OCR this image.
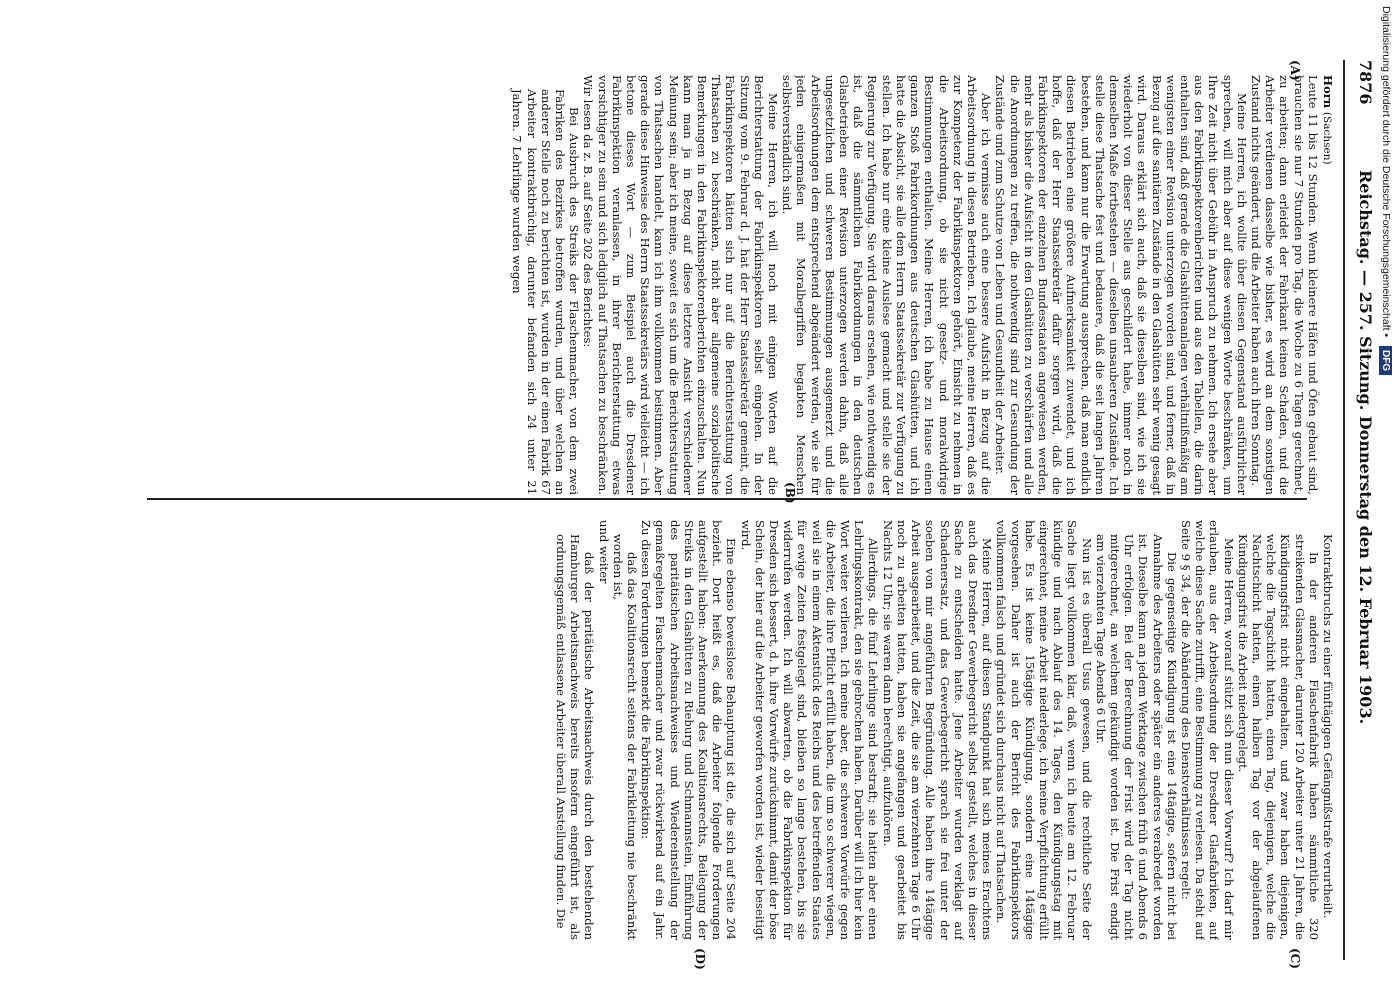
7876
Reichstag. — 257. Sitzung. Donnerstag den 12. Februar 1903.
(A)
(B)
(C)
(D)

Horn (Sachsen)

Leute 11 bis 12 Stunden. Wenn kleinere Häfen und Öfen gebaut sind, brauchen sie nur 7 Stunden pro Tag, die Woche zu 6 Tagen gerechnet, zu arbeiten; dann erleidet der Fabrikant keinen Schaden, und die Arbeiter verdienen dasselbe wie bisher, es wird an dem sonstigen Zustand nichts geändert, und die Arbeiter haben auch ihren Sonntag.

Meine Herren, ich wollte über diesen Gegenstand ausführlicher sprechen, will mich aber auf diese wenigen Worte beschränken, um Ihre Zeit nicht über Gebühr in Anspruch zu nehmen. Ich ersehe aber aus den Fabrikinspektorenberichten und aus den Tabellen, die darin enthalten sind, daß gerade die Glashüttenanlagen verhältnißmäßig am wenigsten einer Revision unterzogen worden sind, und ferner, daß in Bezug auf die sanitären Zustände in den Glashütten sehr wenig gesagt wird. Daraus erklärt sich auch, daß sie dieselben sind, wie ich sie wiederholt von dieser Stelle aus geschildert habe, immer noch in demselben Maße fortbestehen — dieselben unsauberen Zustände. Ich stelle diese Thatsache fest und bedauere, daß die seit langen Jahren bestehen, und kann nur die Erwartung aussprechen, daß man endlich diesen Betrieben eine größere Aufmerksamkeit zuwendet, und ich hoffe, daß der Herr Staatssekretär dafür sorgen wird, daß die Fabrikinspektoren der einzelnen Bundesstaaten angewiesen werden, mehr als bisher die Aufsicht in den Glashütten zu verschärfen und alle die Anordnungen zu treffen, die nothwendig sind zur Gesundung der Zustände und zum Schutze von Leben und Gesundheit der Arbeiter.

Aber ich vermisse auch eine bessere Aufsicht in Bezug auf die Arbeitsordnung in diesen Betrieben. Ich glaube, meine Herren, daß es zur Kompetenz der Fabrikinspektoren gehört, Einsicht zu nehmen in die Arbeitsordnung, ob sie nicht gesetz- und moralwidrige Bestimmungen enthalten. Meine Herren, ich habe zu Hause einen ganzen Stoß Fabrikordnungen aus deutschen Glashütten, und ich hatte die Absicht, sie alle dem Herrn Staatssekretär zur Verfügung zu stellen. Ich habe nur eine kleine Auslese gemacht und stelle sie der Regierung zur Verfügung. Sie wird daraus ersehen, wie nothwendig es ist, daß die sämmtlichen Fabrikordnungen in den deutschen Glasbetrieben einer Revision unterzogen werden dahin, daß alle ungesetzlichen und schweren Bestimmungen ausgemerzt und die Arbeitsordnungen dem entsprechend abgeändert werden, wie sie für jeden einigermaßen mit Moralbegriffen begabten Menschen selbstverständlich sind.

Meine Herren, ich will noch mit einigen Worten auf die Berichterstattung der Fabrikinspektoren selbst eingehen. In der Sitzung vom 9. Februar d. J. hat der Herr Staatssekretär gemeint, die Fabrikinspektoren hätten sich nur auf die Berichterstattung von Thatsachen zu beschränken, nicht aber allgemeine sozialpolitische Bemerkungen in den Fabrikinspektorenberichten einzuschalten. Nun kann man ja in Bezug auf diese letztere Ansicht verschiedener Meinung sein; aber ich meine, soweit es sich um die Berichterstattung von Thatsachen handelt, kann ich ihm vollkommen beistimmen. Aber gerade diese Hinweise des Herrn Staatssekretärs wird vielleicht — ich betone dieses Wort — zum Beispiel auch die Dresdener Fabrikinspektion veranlassen, in ihrer Berichterstattung etwas vorsichtiger zu sein und sich lediglich auf Thatsachen zu beschränken. Wir lesen da z. B. auf Seite 202 des Berichtes:

Bei Ausbruch des Streiks der Flaschenmacher, von dem zwei Fabriken des Bezirkes betroffen wurden, und über welchen an anderer Stelle noch zu berichten ist, wurden in der einen Fabrik 67 Arbeiter kontraktbrüchig, darunter befanden sich 24 unter 21 Jahren. 7 Lehrlinge wurden wegen

Kontraktbruchs zu einer fünftägigen Gefängnißstrafe verurtheilt.

In der anderen Flaschenfabrik haben sämmtliche 320 streikenden Glasmacher, darunter 120 Arbeiter unter 21 Jahren, die Kündigungsfrist nicht eingehalten, und zwar haben diejenigen, welche die Tagschicht hatten, einen Tag, diejenigen, welche die Nachtschicht hatten, einen halben Tag vor der abgelaufenen Kündigungsfrist die Arbeit niedergelegt.

Meine Herren, worauf stützt sich nun dieser Vorwurf? Ich darf mir erlauben, aus der Arbeitsordnung der Dresdner Glasfabriken, auf welche diese Sache zutrifft, eine Bestimmung zu verlesen. Da steht auf Seite 9 § 34, der die Abänderung des Dienstverhältnisses regelt:

Die gegenseitige Kündigung ist eine 14tägige, sofern nicht bei Annahme des Arbeiters oder später ein anderes verabredet worden ist. Dieselbe kann an jedem Werktage zwischen früh 6 und Abends 6 Uhr erfolgen. Bei der Berechnung der Frist wird der Tag nicht mitgerechnet, an welchem gekündigt worden ist. Die Frist endigt am vierzehnten Tage Abends 6 Uhr.

Nun ist es überall Usus gewesen, und die rechtliche Seite der Sache liegt vollkommen klar, daß, wenn ich heute am 12. Februar kündige und nach Ablauf des 14. Tages, den Kündigungstag mit eingerechnet, meine Arbeit niederlege, ich meine Verpflichtung erfüllt habe. Es ist keine 15tägige Kündigung, sondern eine 14tägige vorgesehen. Daher ist auch der Bericht des Fabrikinspektors vollkommen falsch und gründet sich durchaus nicht auf Thatsachen.

Meine Herren, auf diesen Standpunkt hat sich meines Erachtens auch das Dresdner Gewerbegericht selbst gestellt, welches in dieser Sache zu entscheiden hatte. Jene Arbeiter wurden verklagt auf Schadenersatz, und das Gewerbegericht sprach sie frei unter der soeben von mir angeführten Begründung. Alle haben ihre 14tägige Arbeit ausgearbeitet, und die Zeit, die sie am vierzehnten Tage 6 Uhr noch zu arbeiten hatten, haben sie angefangen und gearbeitet bis Nachts 12 Uhr; sie waren dann berechtigt, aufzuhören.

Allerdings, die fünf Lehrlinge sind bestraft; sie hatten aber einen Lehrlingskontrakt, den sie gebrochen haben. Darüber will ich hier kein Wort weiter verlieren. Ich meine aber, die schweren Vorwürfe gegen die Arbeiter, die ihre Pflicht erfüllt haben, die um so schwerer wiegen, weil sie in einem Aktenstück des Reichs und des betreffenden Staates für ewige Zeiten festgelegt sind, bleiben so lange bestehen, bis sie widerrufen werden. Ich will abwarten, ob die Fabrikinspektion für Dresden sich bessert, d. h. ihre Vorwürfe zurücknimmt, damit der böse Schein, der hier auf die Arbeiter geworfen worden ist, wieder beseitigt wird.

Eine ebenso beweislose Behauptung ist die, die sich auf Seite 204 bezieht. Dort heißt es, daß die Arbeiter folgende Forderungen aufgestellt haben: Anerkennung des Koalitionsrechts, Beilegung der Streiks in den Glashütten zu Rieburg und Schmannstein, Einführung des paritätischen Arbeitsnachweises und Wiedereinstellung der gemaßregelten Flaschenmacher und zwar rückwirkend auf ein Jahr. Zu diesen Forderungen bemerkt die Fabrikinspektion:

daß das Koalitionsrecht seitens der Fabrikleitung nie beschränkt worden ist,

und weiter

daß der paritätische Arbeitsnachweis durch den bestehenden Hamburger Arbeitsnachweis bereits insofern eingeführt ist, als ordnungsgemäß entlassene Arbeiter überall Anstellung finden. Die

Digitalisierung gefördert durch die Deutsche Forschungsgemeinschaft • DFG
